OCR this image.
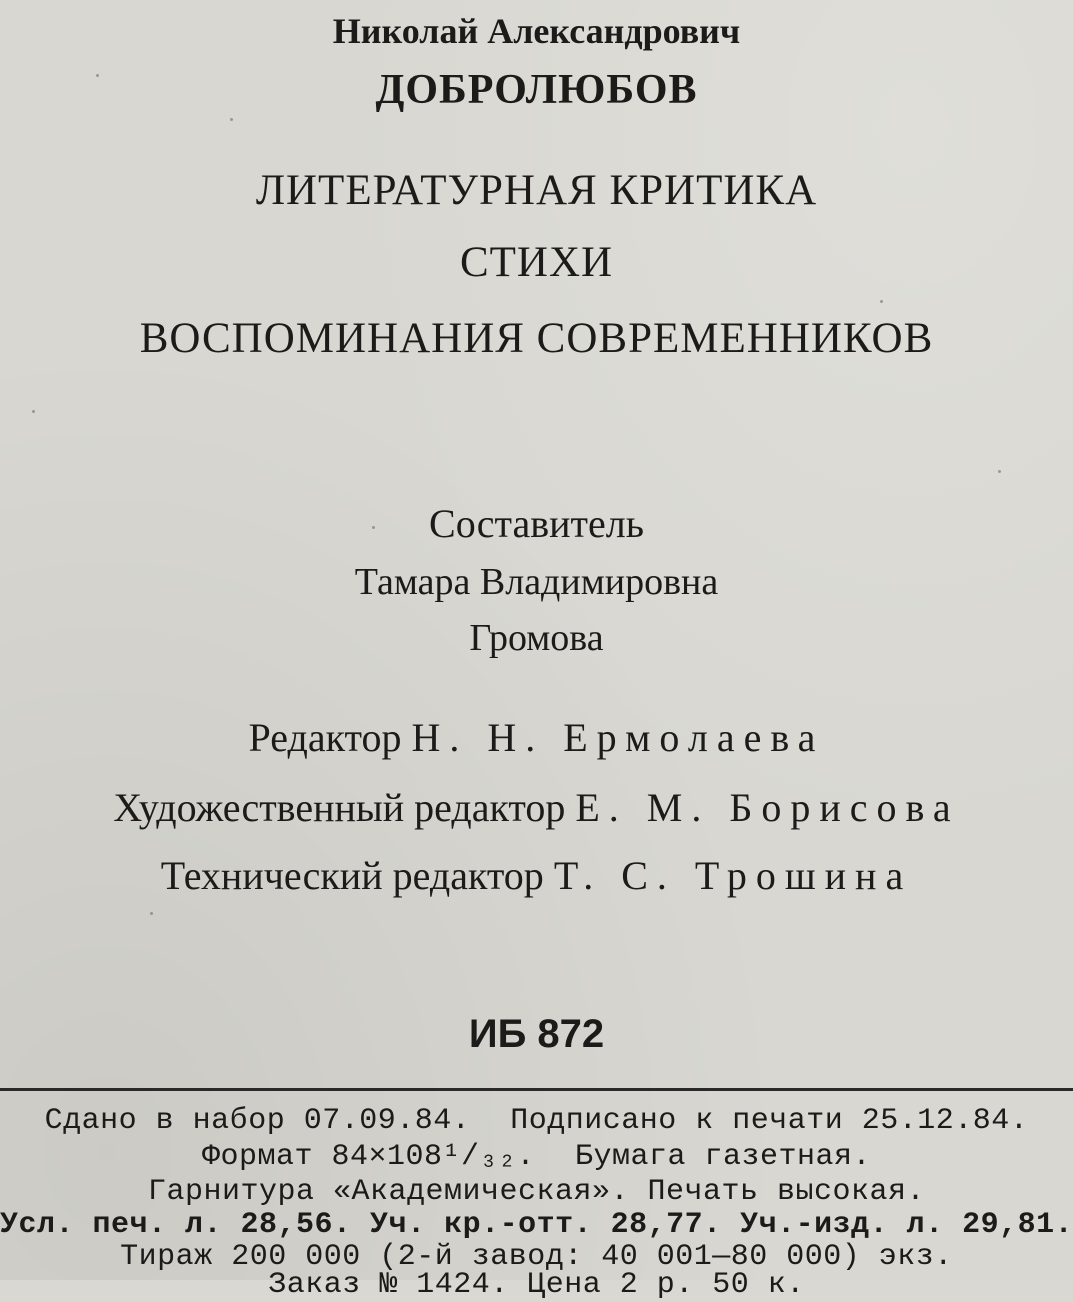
Николай Александрович
ДОБРОЛЮБОВ
ЛИТЕРАТУРНАЯ КРИТИКА
СТИХИ
ВОСПОМИНАНИЯ СОВРЕМЕННИКОВ
Составитель
Тамара Владимировна
Громова
Редактор Н. Н. Ермолаева
Художественный редактор Е. М. Борисова
Технический редактор Т. С. Трошина
ИБ 872
Сдано в набор 07.09.84. Подписано к печати 25.12.84.
Формат 84×108¹/₃₂. Бумага газетная.
Гарнитура «Академическая». Печать высокая.
Усл. печ. л. 28,56. Уч. кр.-отт. 28,77. Уч.-изд. л. 29,81.
Тираж 200 000 (2-й завод: 40 001—80 000) экз.
Заказ № 1424. Цена 2 р. 50 к.
